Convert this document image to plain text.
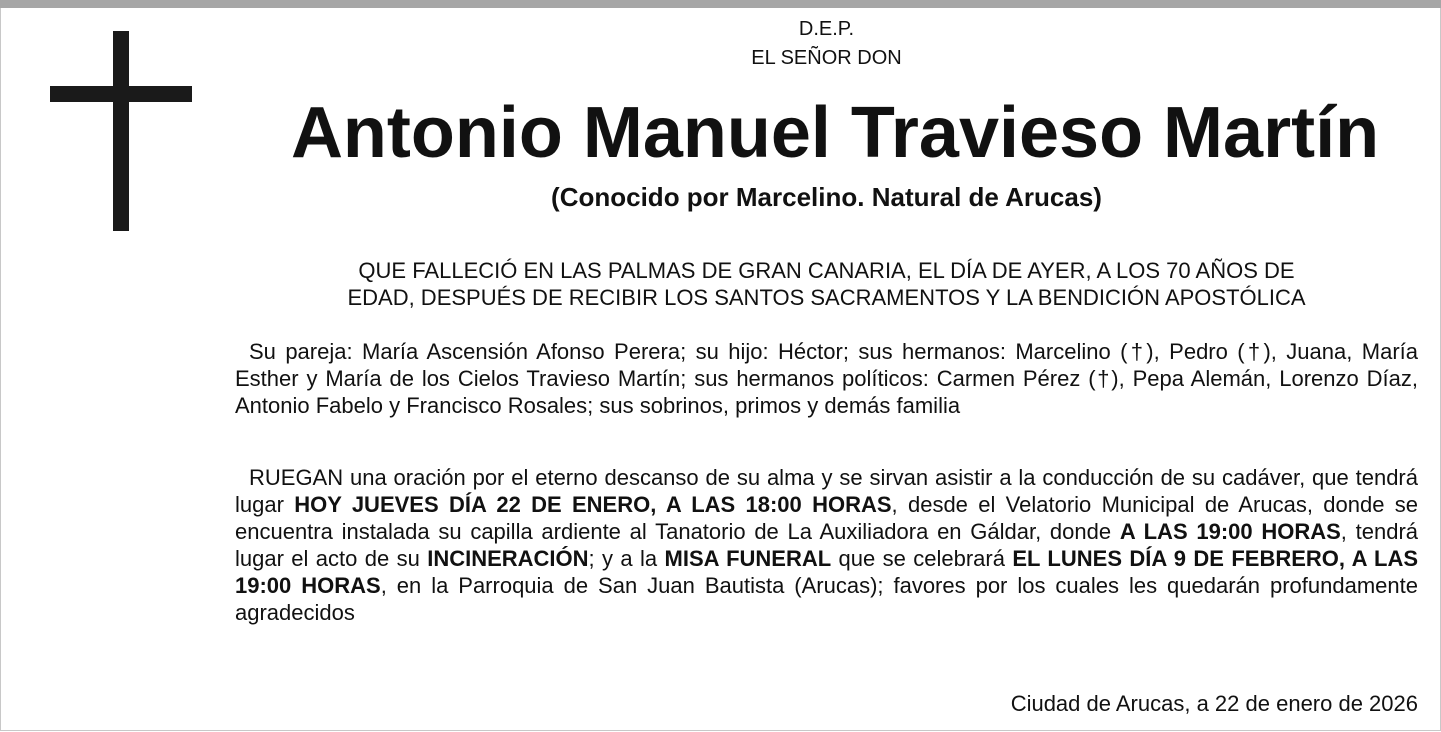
D.E.P.
EL SEÑOR DON
Antonio Manuel Travieso Martín
(Conocido por Marcelino. Natural de Arucas)
QUE FALLECIÓ EN LAS PALMAS DE GRAN CANARIA, EL DÍA DE AYER, A LOS 70 AÑOS DE
EDAD, DESPUÉS DE RECIBIR LOS SANTOS SACRAMENTOS Y LA BENDICIÓN APOSTÓLICA
Su pareja: María Ascensión Afonso Perera; su hijo: Héctor; sus hermanos: Marcelino (†), Pedro (†), Juana, María Esther y María de los Cielos Travieso Martín; sus hermanos políticos: Carmen Pérez (†), Pepa Alemán, Lorenzo Díaz, Antonio Fabelo y Francisco Rosales; sus sobrinos, primos y demás familia
RUEGAN una oración por el eterno descanso de su alma y se sirvan asistir a la conducción de su cadáver, que tendrá lugar HOY JUEVES DÍA 22 DE ENERO, A LAS 18:00 HORAS, desde el Velatorio Municipal de Arucas, donde se encuentra instalada su capilla ardiente al Tanatorio de La Auxiliadora en Gáldar, donde A LAS 19:00 HORAS, tendrá lugar el acto de su INCINERACIÓN; y a la MISA FUNERAL que se celebrará EL LUNES DÍA 9 DE FEBRERO, A LAS 19:00 HORAS, en la Parroquia de San Juan Bautista (Arucas); favores por los cuales les quedarán profundamente agradecidos
Ciudad de Arucas, a 22 de enero de 2026
